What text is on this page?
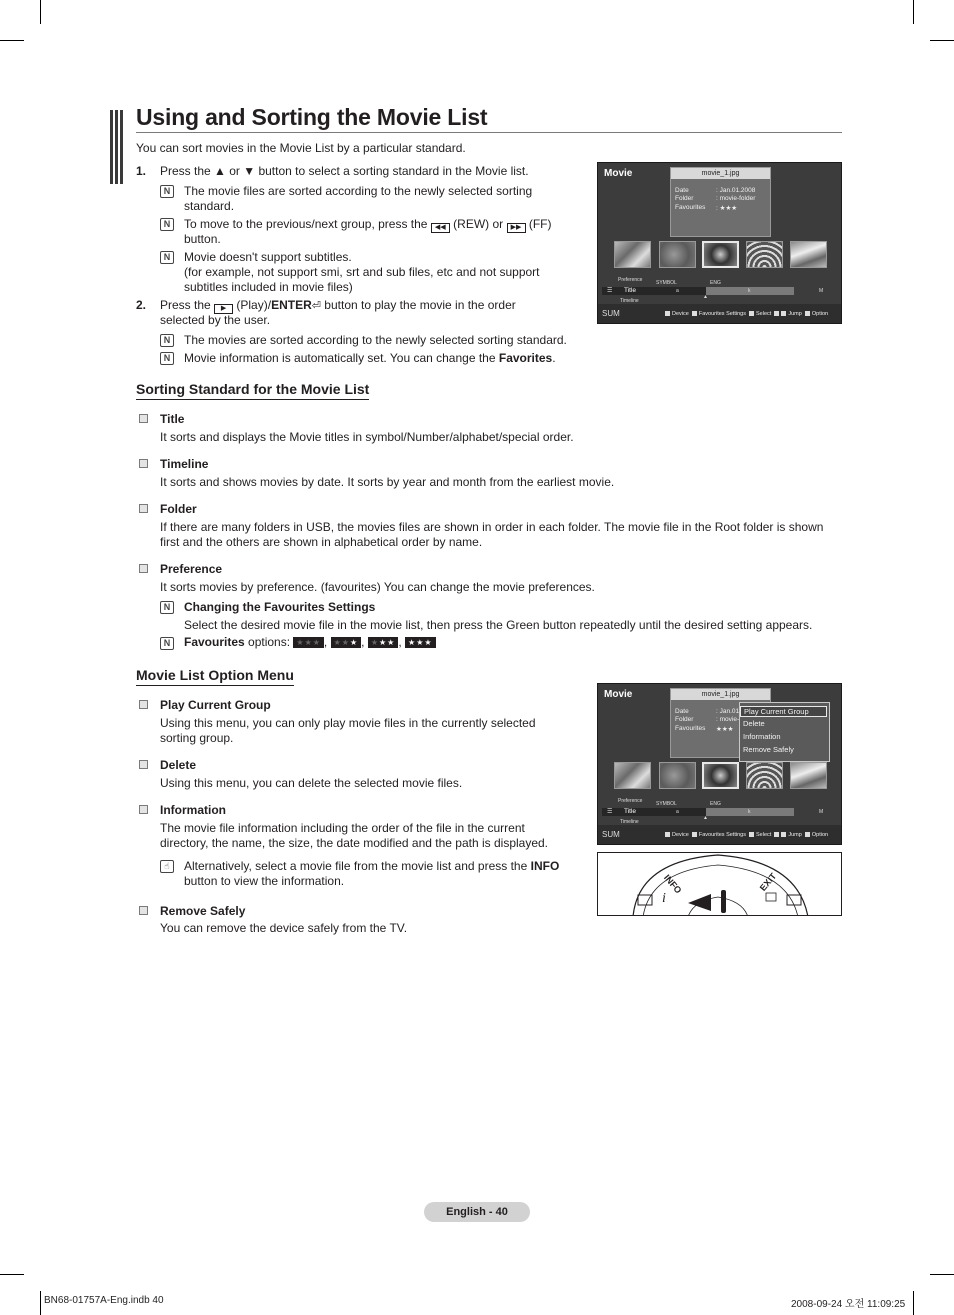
Using and Sorting the Movie List
You can sort movies in the Movie List by a particular standard.
1. Press the ▲ or ▼ button to select a sorting standard in the Movie list.
N
The movie files are sorted according to the newly selected sorting
standard.
N
To move to the previous/next group, press the ◀◀ (REW) or ▶▶ (FF)
button.
N
Movie doesn't support subtitles.
(for example, not support smi, srt and sub files, etc and not support
subtitles included in movie files)
2. Press the ▶ (Play)/ENTER⏎ button to play the movie in the order
selected by the user.
N
The movies are sorted according to the newly selected sorting standard.
N
Movie information is automatically set. You can change the Favorites.
Movie	movie_1.jpg
Date	: Jan.01.2008
Folder	: movie-folder
Favourites : ★★★
Preference	SYMBOL	ENG
☰ Title	a	k	M
▲
Timeline
SUM	Device Favourites Settings Select	Jump Option
Sorting Standard for the Movie List
Title
It sorts and displays the Movie titles in symbol/Number/alphabet/special order.
Timeline
It sorts and shows movies by date. It sorts by year and month from the earliest movie.
Folder
If there are many folders in USB, the movies files are shown in order in each folder. The movie file in the Root folder is shown
first and the others are shown in alphabetical order by name.
Preference
It sorts movies by preference. (favourites) You can change the movie preferences.
N
Changing the Favourites Settings
Select the desired movie file in the movie list, then press the Green button repeatedly until the desired setting appears.
N
Favourites options: ★★★ , ★★★ , ★★★ , ★★★
Movie List Option Menu
Play Current Group
Using this menu, you can only play movie files in the currently selected
sorting group.
Delete
Using this menu, you can delete the selected movie files.
Information
The movie file information including the order of the file in the current
directory, the name, the size, the date modified and the path is displayed.
☝
Alternatively, select a movie file from the movie list and press the INFO
button to view the information.
Remove Safely
You can remove the device safely from the TV.
Movie	movie_1.jpg
Date	: Jan.01
Folder	: movie-
Favourites ★★★
Play Current Group
Delete
Information
Remove Safely
Preference	SYMBOL	ENG
☰ Title	a	k	M
▲
Timeline
SUM	Device Favourites Settings Select	Jump Option
INFO
i
EXIT
English - 40
BN68-01757A-Eng.indb 40	2008-09-24 오전 11:09:25
